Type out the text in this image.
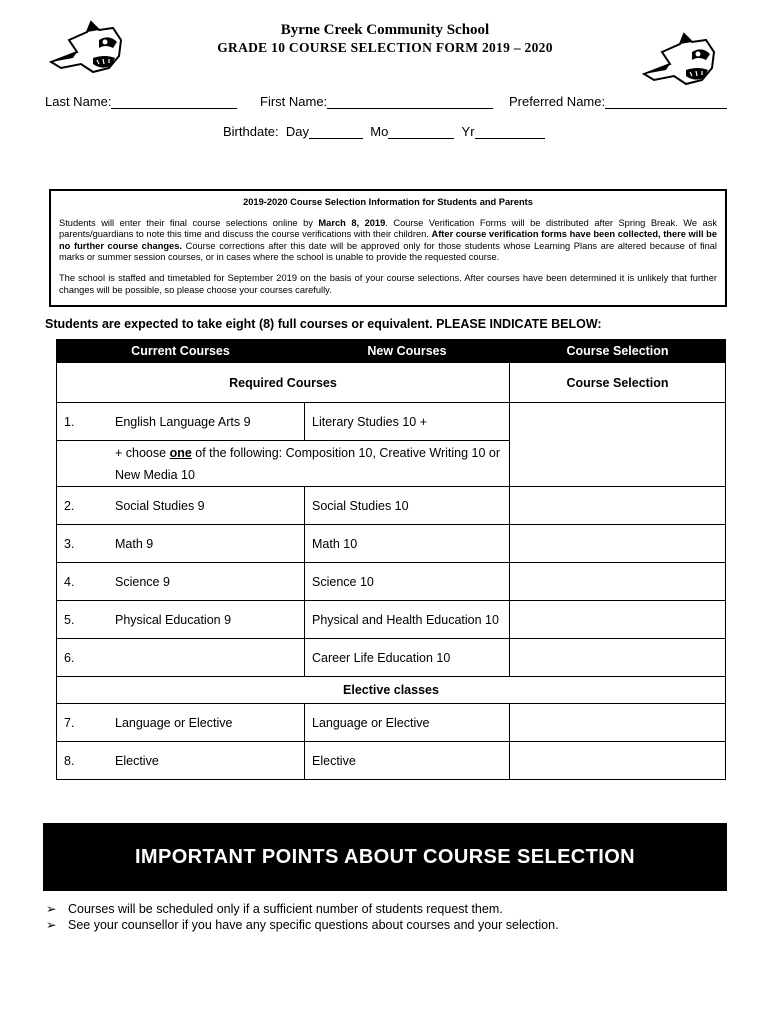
Byrne Creek Community School
GRADE 10 COURSE SELECTION FORM 2019 – 2020
Last Name:	First Name:	Preferred Name:
Birthdate:
Day
	Mo
	Yr
2019-2020 Course Selection Information for Students and Parents

Students will enter their final course selections online by March 8, 2019. Course Verification Forms will be distributed after Spring Break. We ask parents/guardians to note this time and discuss the course verifications with their children. After course verification forms have been collected, there will be no further course changes. Course corrections after this date will be approved only for those students whose Learning Plans are altered because of final marks or summer session courses, or in cases where the school is unable to provide the requested course.

The school is staffed and timetabled for September 2019 on the basis of your course selections. After courses have been determined it is unlikely that further changes will be possible, so please choose your courses carefully.

Students are expected to take eight (8) full courses or equivalent. PLEASE INDICATE BELOW:
Current Courses	New Courses	Course Selection
Required Courses		Course Selection
1. English Language Arts 9	Literary Studies 10 +	
+ choose one of the following: Composition 10, Creative Writing 10 or
New Media 10		
2. Social Studies 9	Social Studies 10	
3. Math 9	Math 10	
4. Science 9	Science 10	
5. Physical Education 9	Physical and Health Education 10	
6.	Career Life Education 10	
Elective classes		
7. Language or Elective	Language or Elective	
8. Elective	Elective	
IMPORTANT POINTS ABOUT COURSE SELECTION
➢ Courses will be scheduled only if a sufficient number of students request them.
➢ See your counsellor if you have any specific questions about courses and your selection.
